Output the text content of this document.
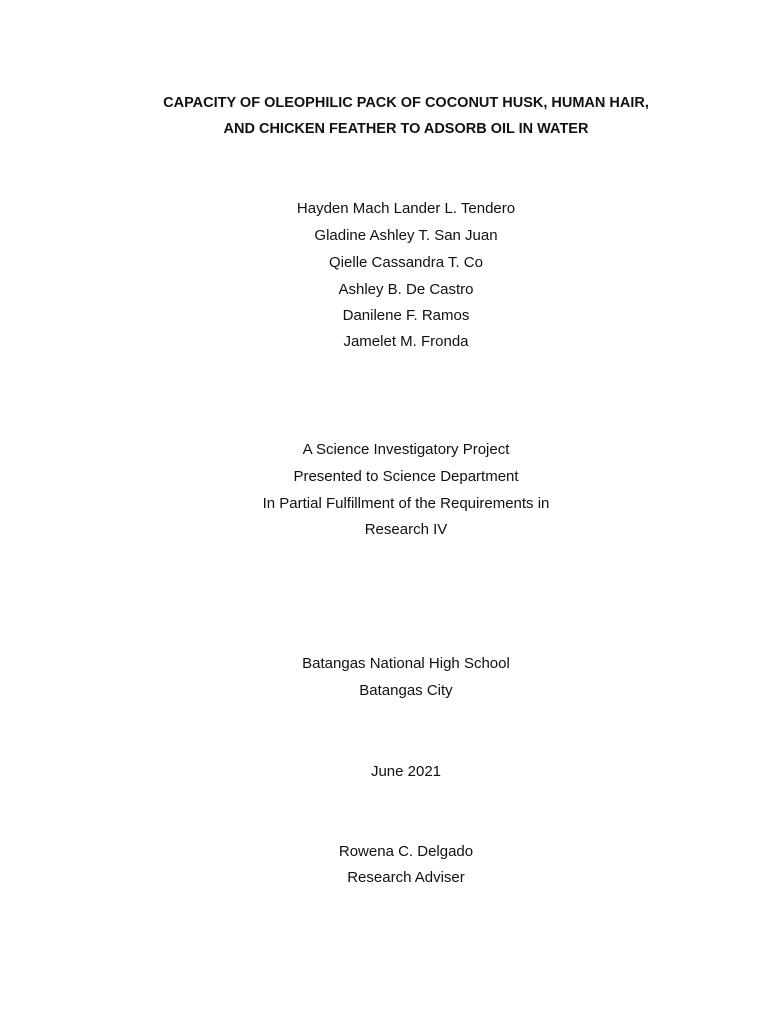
CAPACITY OF OLEOPHILIC PACK OF COCONUT HUSK, HUMAN HAIR,
AND CHICKEN FEATHER TO ADSORB OIL IN WATER
Hayden Mach Lander L. Tendero
Gladine Ashley T. San Juan
Qielle Cassandra T. Co
Ashley B. De Castro
Danilene F. Ramos
Jamelet M. Fronda
A Science Investigatory Project
Presented to Science Department
In Partial Fulfillment of the Requirements in
Research IV
Batangas National High School
Batangas City
June 2021
Rowena C. Delgado
Research Adviser
